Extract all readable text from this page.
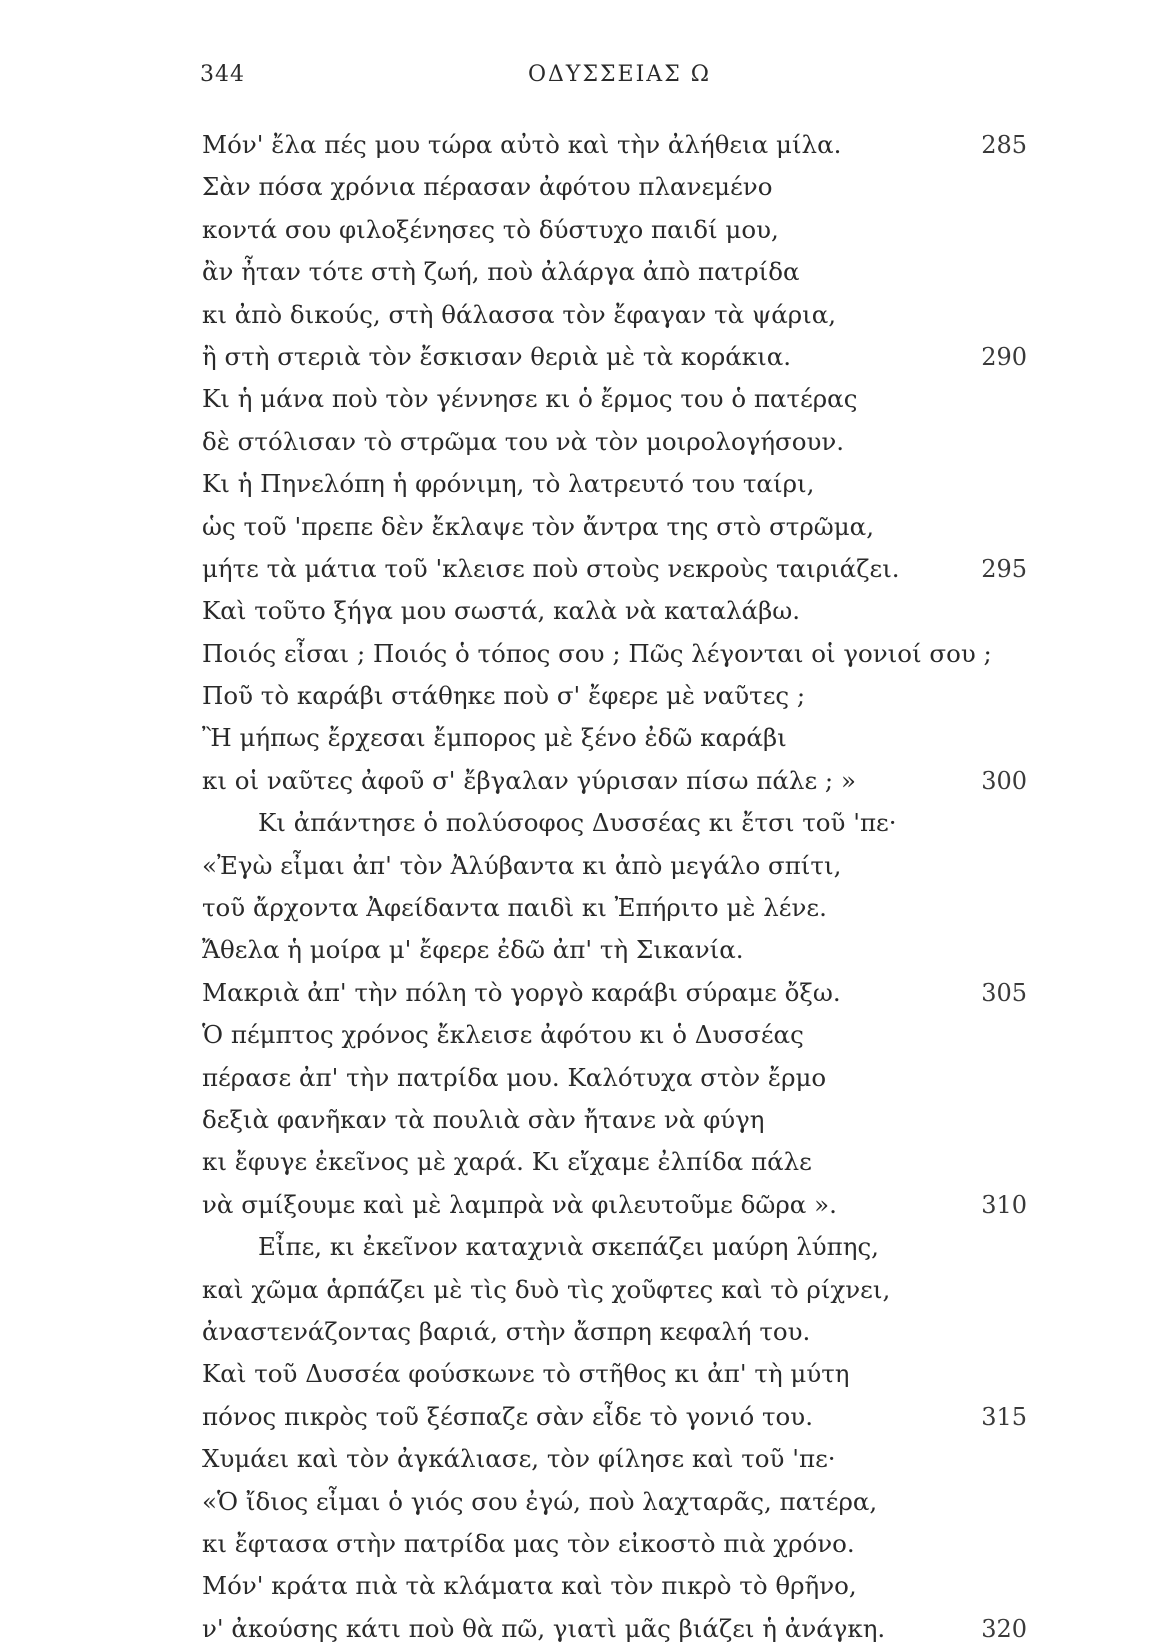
344	ΟΔΥΣΣΕΙΑΣ Ω
Μόν' ἔλα πές μου τώρα αὐτὸ καὶ τὴν ἀλήθεια μίλα.	285
Σὰν πόσα χρόνια πέρασαν ἀφότου πλανεμένο
κοντά σου φιλοξένησες τὸ δύστυχο παιδί μου,
ἂν ἦταν τότε στὴ ζωή, ποὺ ἀλάργα ἀπὸ πατρίδα
κι ἀπὸ δικούς, στὴ θάλασσα τὸν ἔφαγαν τὰ ψάρια,
ἢ στὴ στεριὰ τὸν ἔσκισαν θεριὰ μὲ τὰ κοράκια.	290
Κι ἡ μάνα ποὺ τὸν γέννησε κι ὁ ἔρμος του ὁ πατέρας
δὲ στόλισαν τὸ στρῶμα του νὰ τὸν μοιρολογήσουν.
Κι ἡ Πηνελόπη ἡ φρόνιμη, τὸ λατρευτό του ταίρι,
ὡς τοῦ 'πρεπε δὲν ἔκλαψε τὸν ἄντρα της στὸ στρῶμα,
μήτε τὰ μάτια τοῦ 'κλεισε ποὺ στοὺς νεκροὺς ταιριάζει.	295
Καὶ τοῦτο ξήγα μου σωστά, καλὰ νὰ καταλάβω.
Ποιός εἶσαι ; Ποιός ὁ τόπος σου ; Πῶς λέγονται οἱ γονιοί σου ;
Ποῦ τὸ καράβι στάθηκε ποὺ σ' ἔφερε μὲ ναῦτες ;
Ἢ μήπως ἔρχεσαι ἔμπορος μὲ ξένο ἐδῶ καράβι
κι οἱ ναῦτες ἀφοῦ σ' ἔβγαλαν γύρισαν πίσω πάλε ; »	300
Κι ἀπάντησε ὁ πολύσοφος Δυσσέας κι ἔτσι τοῦ 'πε·
«Ἐγὼ εἶμαι ἀπ' τὸν Ἀλύβαντα κι ἀπὸ μεγάλο σπίτι,
τοῦ ἄρχοντα Ἀφείδαντα παιδὶ κι Ἐπήριτο μὲ λένε.
Ἄθελα ἡ μοίρα μ' ἔφερε ἐδῶ ἀπ' τὴ Σικανία.
Μακριὰ ἀπ' τὴν πόλη τὸ γοργὸ καράβι σύραμε ὄξω.	305
Ὁ πέμπτος χρόνος ἔκλεισε ἀφότου κι ὁ Δυσσέας
πέρασε ἀπ' τὴν πατρίδα μου. Καλότυχα στὸν ἔρμο
δεξιὰ φανῆκαν τὰ πουλιὰ σὰν ἤτανε νὰ φύγη
κι ἔφυγε ἐκεῖνος μὲ χαρά. Κι εἴχαμε ἐλπίδα πάλε
νὰ σμίξουμε καὶ μὲ λαμπρὰ νὰ φιλευτοῦμε δῶρα ».	310
Εἶπε, κι ἐκεῖνον καταχνιὰ σκεπάζει μαύρη λύπης,
καὶ χῶμα ἁρπάζει μὲ τὶς δυὸ τὶς χοῦφτες καὶ τὸ ρίχνει,
ἀναστενάζοντας βαριά, στὴν ἄσπρη κεφαλή του.
Καὶ τοῦ Δυσσέα φούσκωνε τὸ στῆθος κι ἀπ' τὴ μύτη
πόνος πικρὸς τοῦ ξέσπαζε σὰν εἶδε τὸ γονιό του.	315
Χυμάει καὶ τὸν ἀγκάλιασε, τὸν φίλησε καὶ τοῦ 'πε·
«Ὁ ἴδιος εἶμαι ὁ γιός σου ἐγώ, ποὺ λαχταρᾶς, πατέρα,
κι ἔφτασα στὴν πατρίδα μας τὸν εἰκοστὸ πιὰ χρόνο.
Μόν' κράτα πιὰ τὰ κλάματα καὶ τὸν πικρὸ τὸ θρῆνο,
ν' ἀκούσης κάτι ποὺ θὰ πῶ, γιατὶ μᾶς βιάζει ἡ ἀνάγκη.	320
